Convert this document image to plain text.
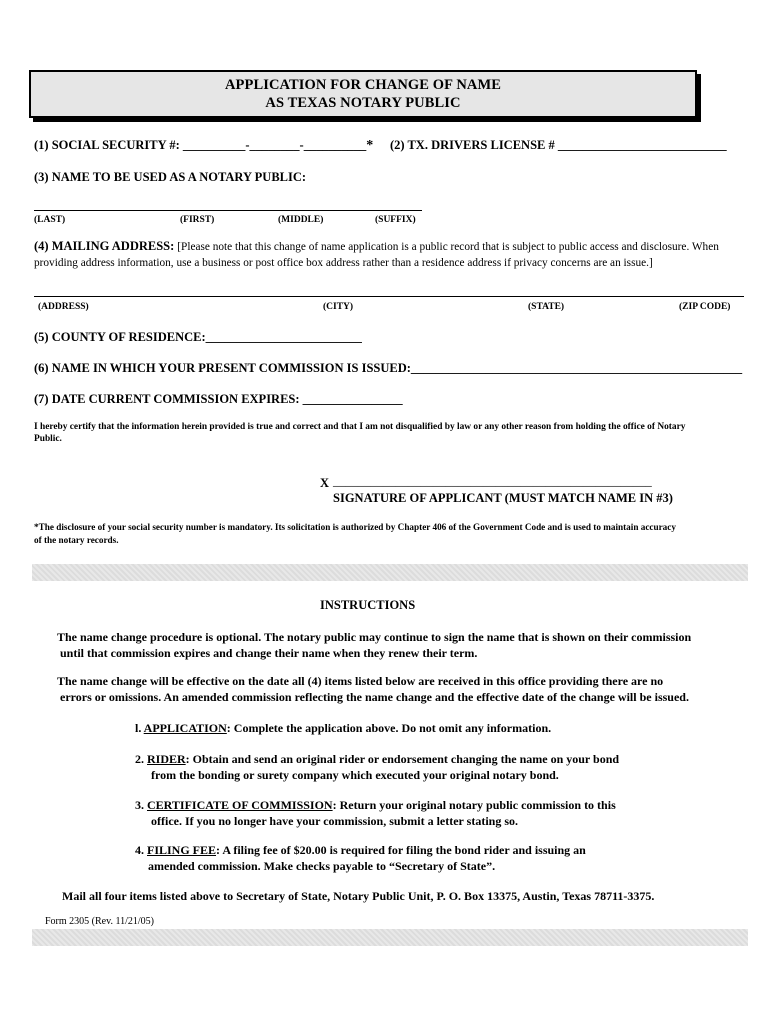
APPLICATION FOR CHANGE OF NAME
AS TEXAS NOTARY PUBLIC
(1) SOCIAL SECURITY #: __________-________-__________* (2) TX. DRIVERS LICENSE # ___________________________
(3) NAME TO BE USED AS A NOTARY PUBLIC:
(LAST)	(FIRST)	(MIDDLE)	(SUFFIX)
(4) MAILING ADDRESS: [Please note that this change of name application is a public record that is subject to public access and disclosure. When
providing address information, use a business or post office box address rather than a residence address if privacy concerns are an issue.]
(ADDRESS)	(CITY)	(STATE)	(ZIP CODE)
(5) COUNTY OF RESIDENCE:_________________________
(6) NAME IN WHICH YOUR PRESENT COMMISSION IS ISSUED:_____________________________________________________
(7) DATE CURRENT COMMISSION EXPIRES: ________________
I hereby certify that the information herein provided is true and correct and that I am not disqualified by law or any other reason from holding the office of Notary
Public.
X ___________________________________________________
SIGNATURE OF APPLICANT (MUST MATCH NAME IN #3)
*The disclosure of your social security number is mandatory. Its solicitation is authorized by Chapter 406 of the Government Code and is used to maintain accuracy
of the notary records.
INSTRUCTIONS
The name change procedure is optional. The notary public may continue to sign the name that is shown on their commission
until that commission expires and change their name when they renew their term.
The name change will be effective on the date all (4) items listed below are received in this office providing there are no
errors or omissions. An amended commission reflecting the name change and the effective date of the change will be issued.
l. APPLICATION: Complete the application above. Do not omit any information.
2. RIDER: Obtain and send an original rider or endorsement changing the name on your bond
from the bonding or surety company which executed your original notary bond.
3. CERTIFICATE OF COMMISSION: Return your original notary public commission to this
office. If you no longer have your commission, submit a letter stating so.
4. FILING FEE: A filing fee of $20.00 is required for filing the bond rider and issuing an
amended commission. Make checks payable to “Secretary of State”.
Mail all four items listed above to Secretary of State, Notary Public Unit, P. O. Box 13375, Austin, Texas 78711-3375.
Form 2305 (Rev. 11/21/05)
